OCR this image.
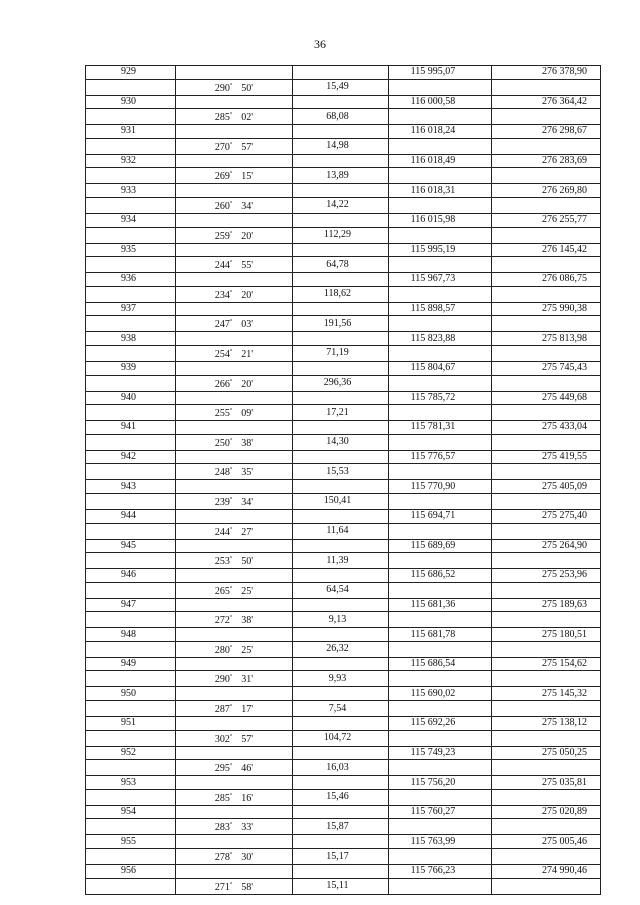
36
929			115 995,07	276 378,90
	290° 50'	15,49		
930			116 000,58	276 364,42
	285° 02'	68,08		
931			116 018,24	276 298,67
	270° 57'	14,98		
932			116 018,49	276 283,69
	269° 15'	13,89		
933			116 018,31	276 269,80
	260° 34'	14,22		
934			116 015,98	276 255,77
	259° 20'	112,29		
935			115 995,19	276 145,42
	244° 55'	64,78		
936			115 967,73	276 086,75
	234° 20'	118,62		
937			115 898,57	275 990,38
	247° 03'	191,56		
938			115 823,88	275 813,98
	254° 21'	71,19		
939			115 804,67	275 745,43
	266° 20'	296,36		
940			115 785,72	275 449,68
	255° 09'	17,21		
941			115 781,31	275 433,04
	250° 38'	14,30		
942			115 776,57	275 419,55
	248° 35'	15,53		
943			115 770,90	275 405,09
	239° 34'	150,41		
944			115 694,71	275 275,40
	244° 27'	11,64		
945			115 689,69	275 264,90
	253° 50'	11,39		
946			115 686,52	275 253,96
	265° 25'	64,54		
947			115 681,36	275 189,63
	272° 38'	9,13		
948			115 681,78	275 180,51
	280° 25'	26,32		
949			115 686,54	275 154,62
	290° 31'	9,93		
950			115 690,02	275 145,32
	287° 17'	7,54		
951			115 692,26	275 138,12
	302° 57'	104,72		
952			115 749,23	275 050,25
	295° 46'	16,03		
953			115 756,20	275 035,81
	285° 16'	15,46		
954			115 760,27	275 020,89
	283° 33'	15,87		
955			115 763,99	275 005,46
	278° 30'	15,17		
956			115 766,23	274 990,46
	271° 58'	15,11		
